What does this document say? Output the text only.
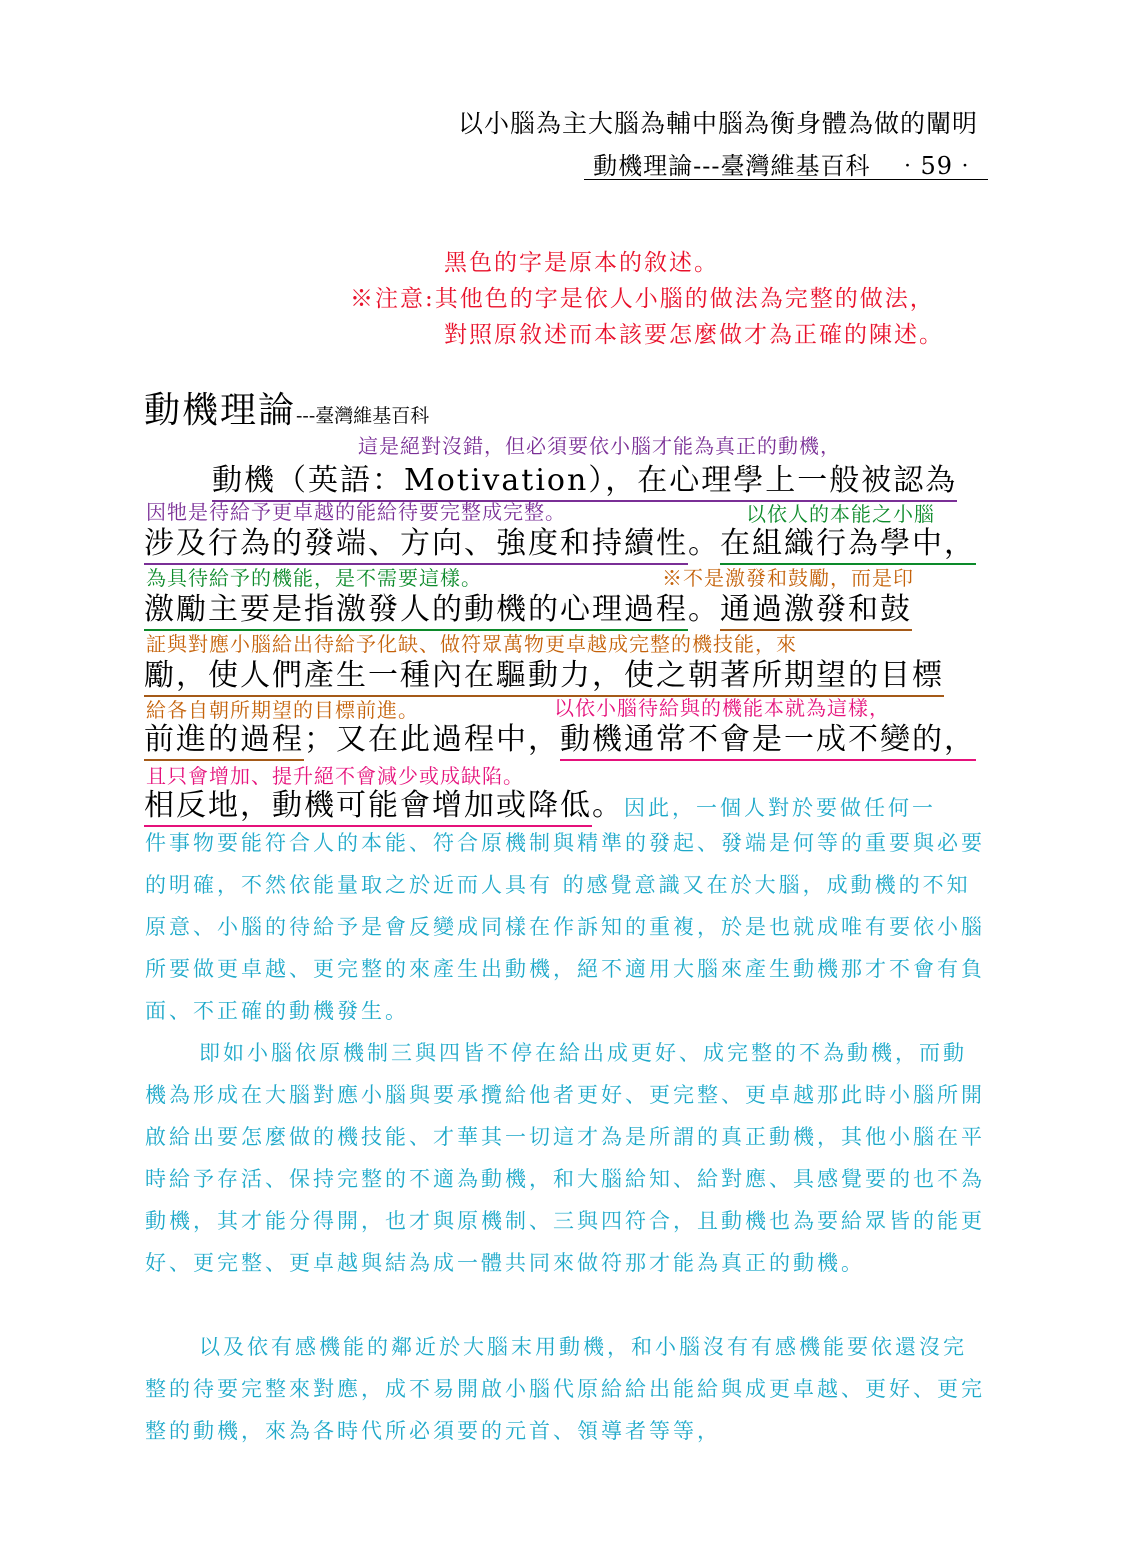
以小腦為主大腦為輔中腦為衡身體為做的闡明
動機理論---臺灣維基百科　‧59‧
黑色的字是原本的敘述。
※注意:其他色的字是依人小腦的做法為完整的做法，
對照原敘述而本該要怎麼做才為正確的陳述。
動機理論---臺灣維基百科
這是絕對沒錯，但必須要依小腦才能為真正的動機，
動機（英語：Motivation），在心理學上一般被認為
因牠是待給予更卓越的能給待要完整成完整。	以依人的本能之小腦
涉及行為的發端、方向、強度和持續性。在組織行為學中，
為具待給予的機能，是不需要這樣。	※不是激發和鼓勵，而是印
激勵主要是指激發人的動機的心理過程。通過激發和鼓
証與對應小腦給出待給予化缺、做符眾萬物更卓越成完整的機技能，來
勵，使人們產生一種內在驅動力，使之朝著所期望的目標
給各自朝所期望的目標前進。	以依小腦待給與的機能本就為這樣，
前進的過程；又在此過程中，動機通常不會是一成不變的，
且只會增加、提升絕不會減少或成缺陷。
相反地，動機可能會增加或降低。因此，一個人對於要做任何一

件事物要能符合人的本能、符合原機制與精準的發起、發端是何等的重要與必要的明確，不然依能量取之於近而人具有 的感覺意識又在於大腦，成動機的不知原意、小腦的待給予是會反變成同樣在作訴知的重複，於是也就成唯有要依小腦所要做更卓越、更完整的來產生出動機，絕不適用大腦來產生動機那才不會有負面、不正確的動機發生。

即如小腦依原機制三與四皆不停在給出成更好、成完整的不為動機，而動機為形成在大腦對應小腦與要承攬給他者更好、更完整、更卓越那此時小腦所開啟給出要怎麼做的機技能、才華其一切這才為是所謂的真正動機，其他小腦在平時給予存活、保持完整的不適為動機，和大腦給知、給對應、具感覺要的也不為動機，其才能分得開，也才與原機制、三與四符合，且動機也為要給眾皆的能更好、更完整、更卓越與結為成一體共同來做符那才能為真正的動機。

以及依有感機能的鄰近於大腦末用動機，和小腦沒有有感機能要依還沒完整的待要完整來對應，成不易開啟小腦代原給給出能給與成更卓越、更好、更完整的動機，來為各時代所必須要的元首、領導者等等，
